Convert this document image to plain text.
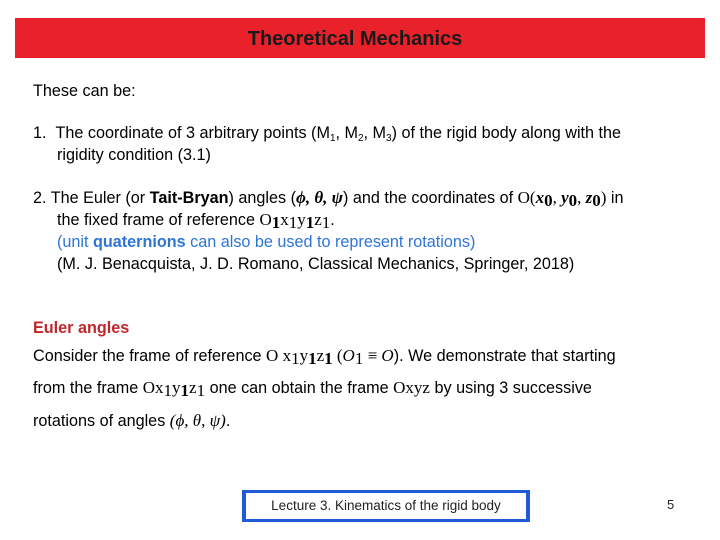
Theoretical Mechanics
These can be:
1. The coordinate of 3 arbitrary points ($M_1$, $M_2$, $M_3$) of the rigid body along with the
rigidity condition (3.1)
2. The Euler (or Tait-Bryan) angles (ϕ, θ, ψ) and the coordinates of $O(x_0$, $y_0$, $z_0$) in
the fixed frame of reference $O_1x_1y_1z_1$.
(unit quaternions can also be used to represent rotations)
(M. J. Benacquista, J. D. Romano, Classical Mechanics, Springer, 2018)
Euler angles
Consider the frame of reference O $x_1y_1z_1$ $(O_1 \equiv O)$. We demonstrate that starting
from the frame $Ox_1y_1z_1$ one can obtain the frame Oxyz by using 3 successive
rotations of angles (ϕ, θ, ψ).
Lecture 3. Kinematics of the rigid body	5
